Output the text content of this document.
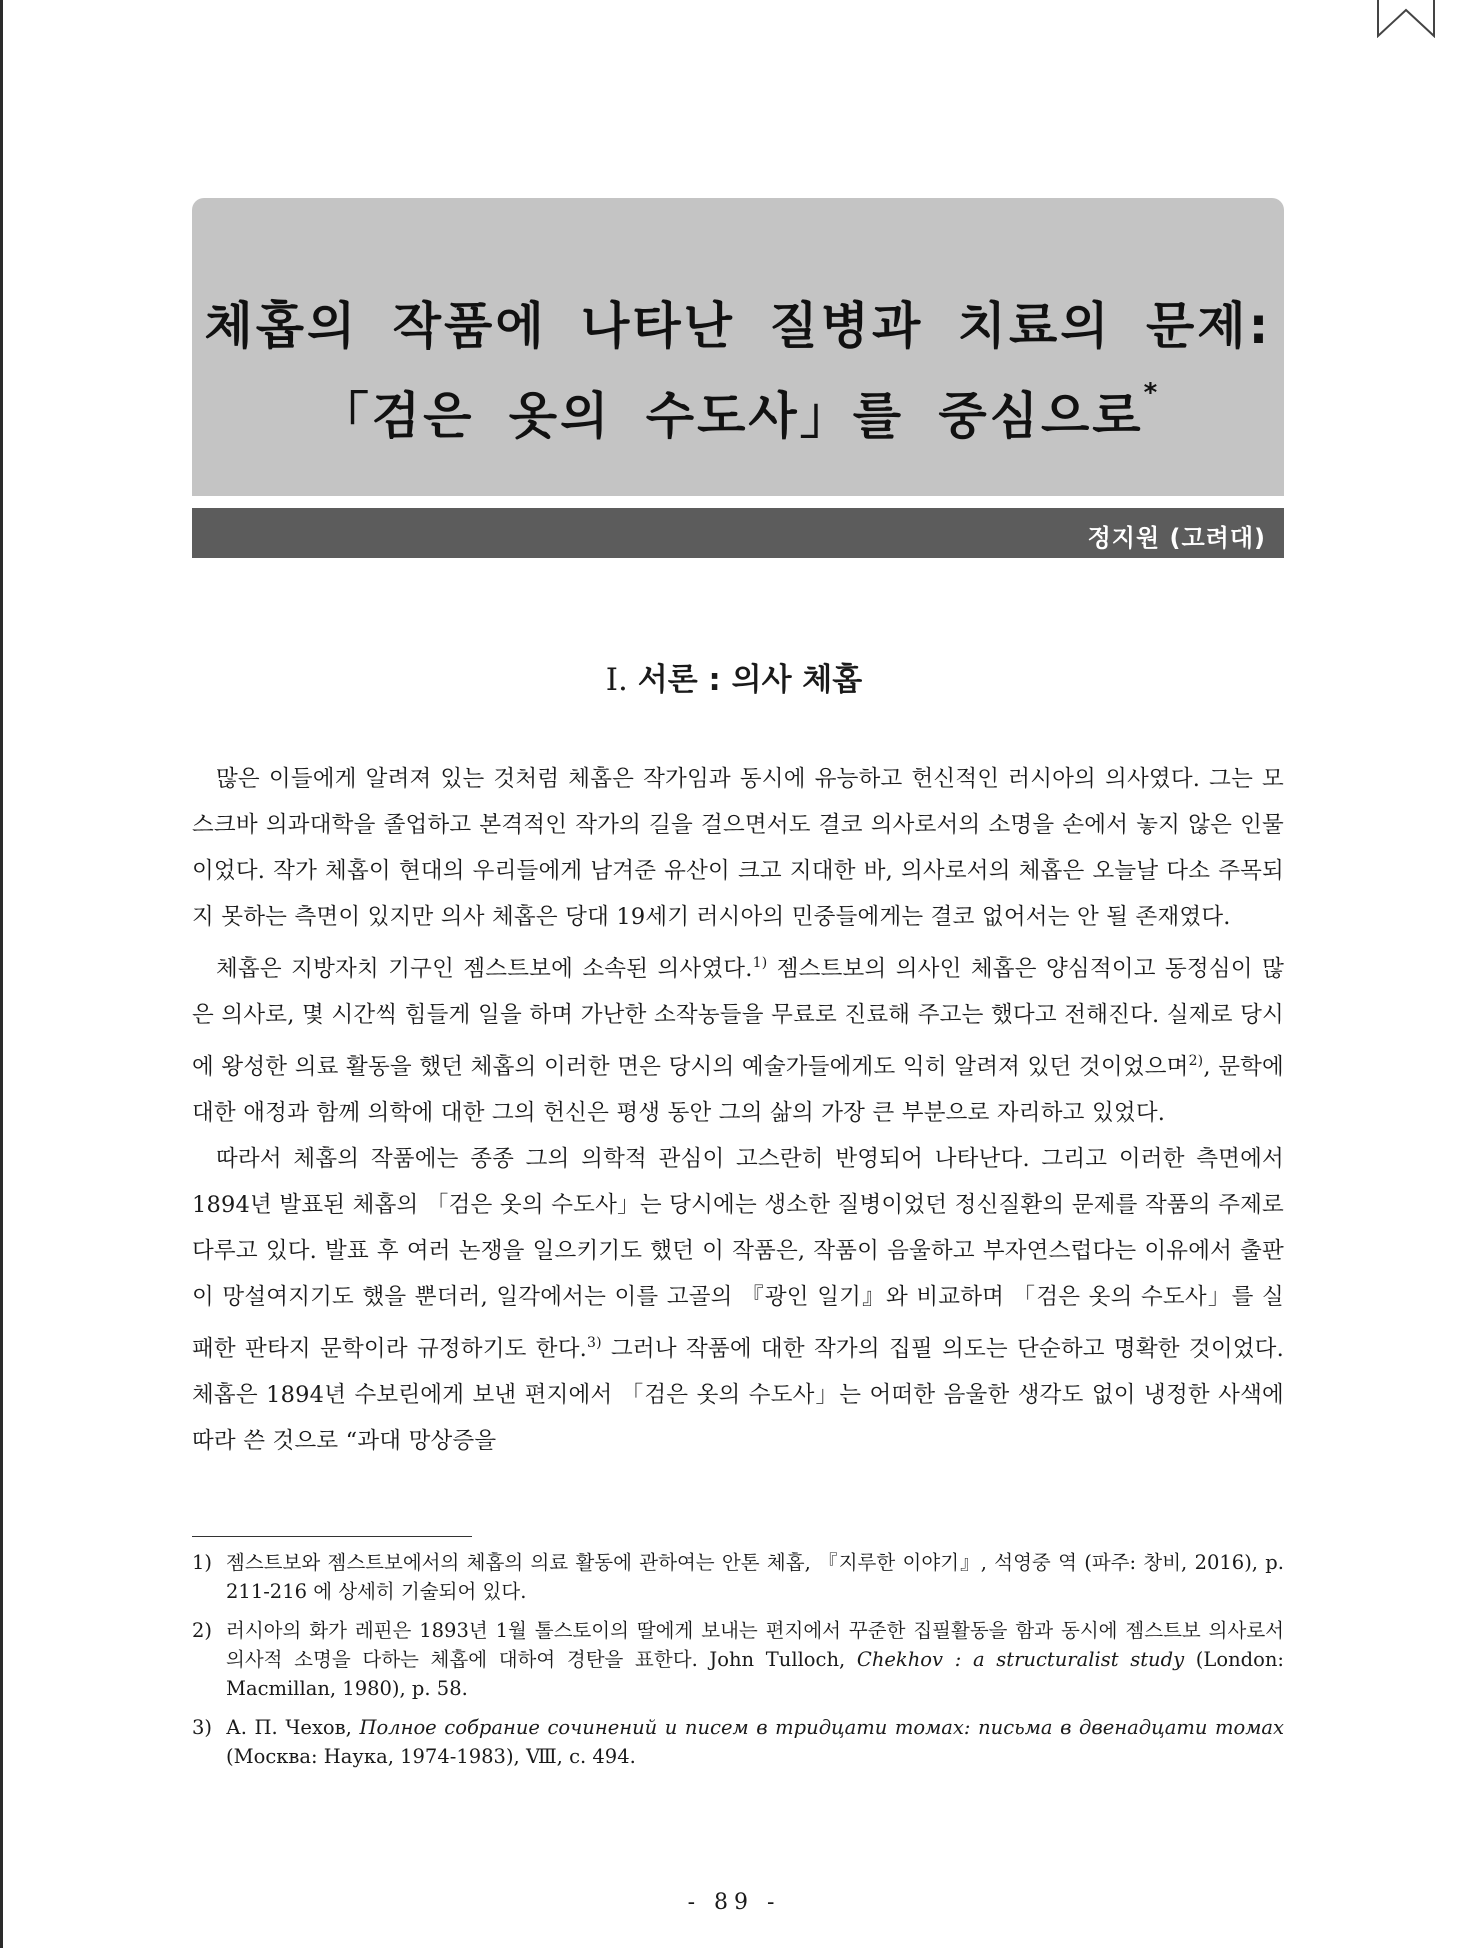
체홉의 작품에 나타난 질병과 치료의 문제:
「검은 옷의 수도사」를 중심으로*
정지원 (고려대)
Ⅰ. 서론 : 의사 체홉

많은 이들에게 알려져 있는 것처럼 체홉은 작가임과 동시에 유능하고 헌신적인 러시아의 의사였다. 그는 모스크바 의과대학을 졸업하고 본격적인 작가의 길을 걸으면서도 결코 의사로서의 소명을 손에서 놓지 않은 인물이었다. 작가 체홉이 현대의 우리들에게 남겨준 유산이 크고 지대한 바, 의사로서의 체홉은 오늘날 다소 주목되지 못하는 측면이 있지만 의사 체홉은 당대 19세기 러시아의 민중들에게는 결코 없어서는 안 될 존재였다.

체홉은 지방자치 기구인 젬스트보에 소속된 의사였다.$^{1)}$ 젬스트보의 의사인 체홉은 양심적이고 동정심이 많은 의사로, 몇 시간씩 힘들게 일을 하며 가난한 소작농들을 무료로 진료해 주고는 했다고 전해진다. 실제로 당시에 왕성한 의료 활동을 했던 체홉의 이러한 면은 당시의 예술가들에게도 익히 알려져 있던 것이었으며$^{2)}$, 문학에 대한 애정과 함께 의학에 대한 그의 헌신은 평생 동안 그의 삶의 가장 큰 부분으로 자리하고 있었다.

따라서 체홉의 작품에는 종종 그의 의학적 관심이 고스란히 반영되어 나타난다. 그리고 이러한 측면에서 1894년 발표된 체홉의 「검은 옷의 수도사」는 당시에는 생소한 질병이었던 정신질환의 문제를 작품의 주제로 다루고 있다. 발표 후 여러 논쟁을 일으키기도 했던 이 작품은, 작품이 음울하고 부자연스럽다는 이유에서 출판이 망설여지기도 했을 뿐더러, 일각에서는 이를 고골의 『광인 일기』와 비교하며 「검은 옷의 수도사」를 실패한 판타지 문학이라 규정하기도 한다.$^{3)}$ 그러나 작품에 대한 작가의 집필 의도는 단순하고 명확한 것이었다. 체홉은 1894년 수보린에게 보낸 편지에서 「검은 옷의 수도사」는 어떠한 음울한 생각도 없이 냉정한 사색에 따라 쓴 것으로 “과대 망상증을

1) 젬스트보와 젬스트보에서의 체홉의 의료 활동에 관하여는 안톤 체홉, 『지루한 이야기』, 석영중 역 (파주: 창비, 2016), p. 211-216 에 상세히 기술되어 있다.
2) 러시아의 화가 레핀은 1893년 1월 톨스토이의 딸에게 보내는 편지에서 꾸준한 집필활동을 함과 동시에 젬스트보 의사로서 의사적 소명을 다하는 체홉에 대하여 경탄을 표한다. John Tulloch, Chekhov : a structuralist study (London: Macmillan, 1980), p. 58.
3) А. П. Чехов, Полное собрание сочинений и писем в тридцати томах: письма в двенадцати томах (Москва: Наука, 1974-1983), Ⅷ, с. 494.
- 89 -
